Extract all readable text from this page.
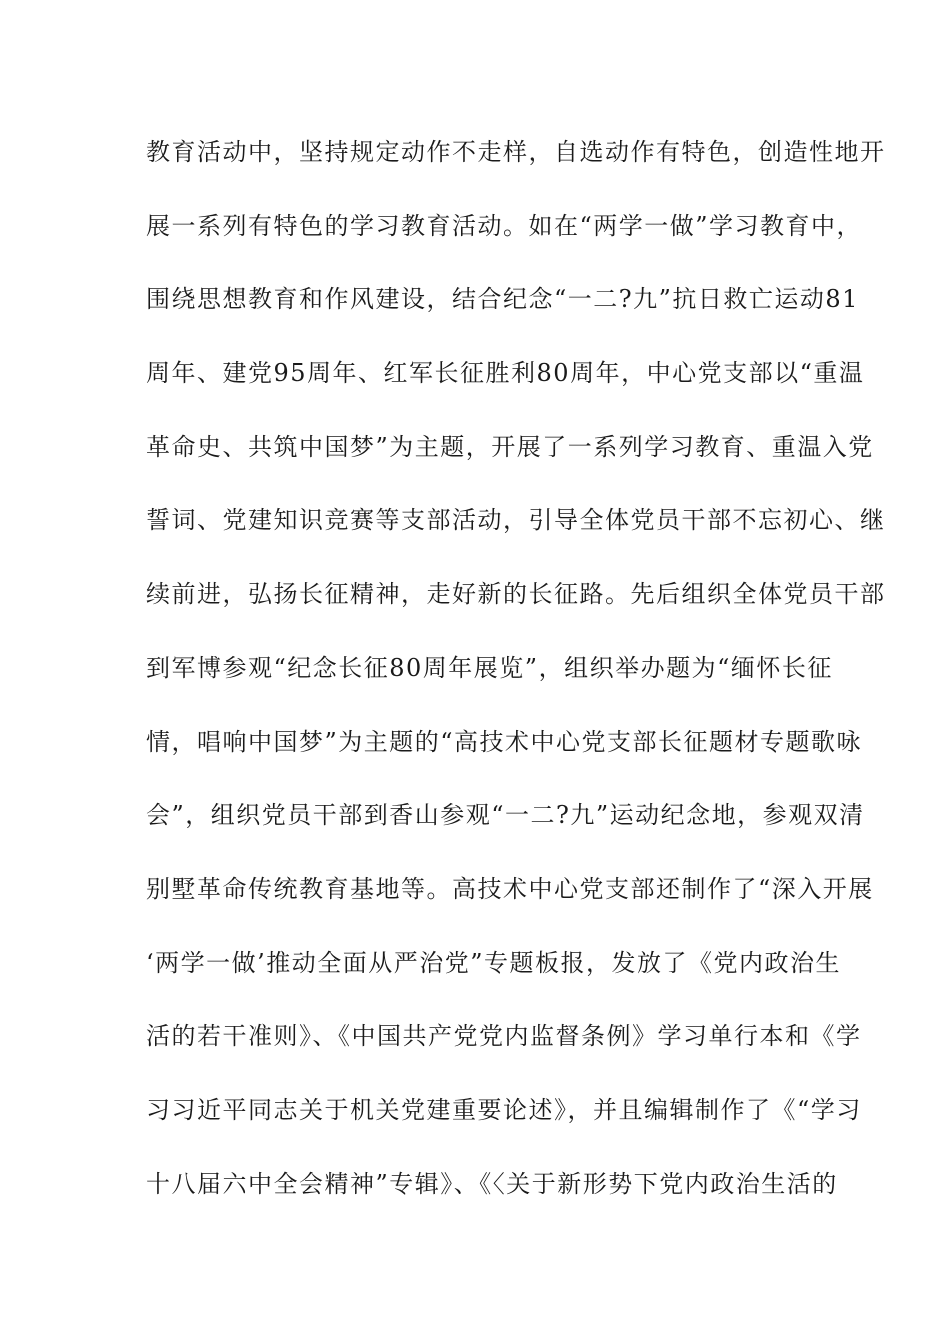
教育活动中，坚持规定动作不走样，自选动作有特色，创造性地开
展一系列有特色的学习教育活动。如在“两学一做”学习教育中，
围绕思想教育和作风建设，结合纪念“一二?九”抗日救亡运动81
周年、建党95周年、红军长征胜利80周年，中心党支部以“重温
革命史、共筑中国梦”为主题，开展了一系列学习教育、重温入党
誓词、党建知识竞赛等支部活动，引导全体党员干部不忘初心、继
续前进，弘扬长征精神，走好新的长征路。先后组织全体党员干部
到军博参观“纪念长征80周年展览”，组织举办题为“缅怀长征
情，唱响中国梦”为主题的“高技术中心党支部长征题材专题歌咏
会”，组织党员干部到香山参观“一二?九”运动纪念地，参观双清
别墅革命传统教育基地等。高技术中心党支部还制作了“深入开展
‘两学一做’推动全面从严治党”专题板报，发放了《党内政治生
活的若干准则》、《中国共产党党内监督条例》学习单行本和《学
习习近平同志关于机关党建重要论述》，并且编辑制作了《“学习
十八届六中全会精神”专辑》、《〈关于新形势下党内政治生活的
